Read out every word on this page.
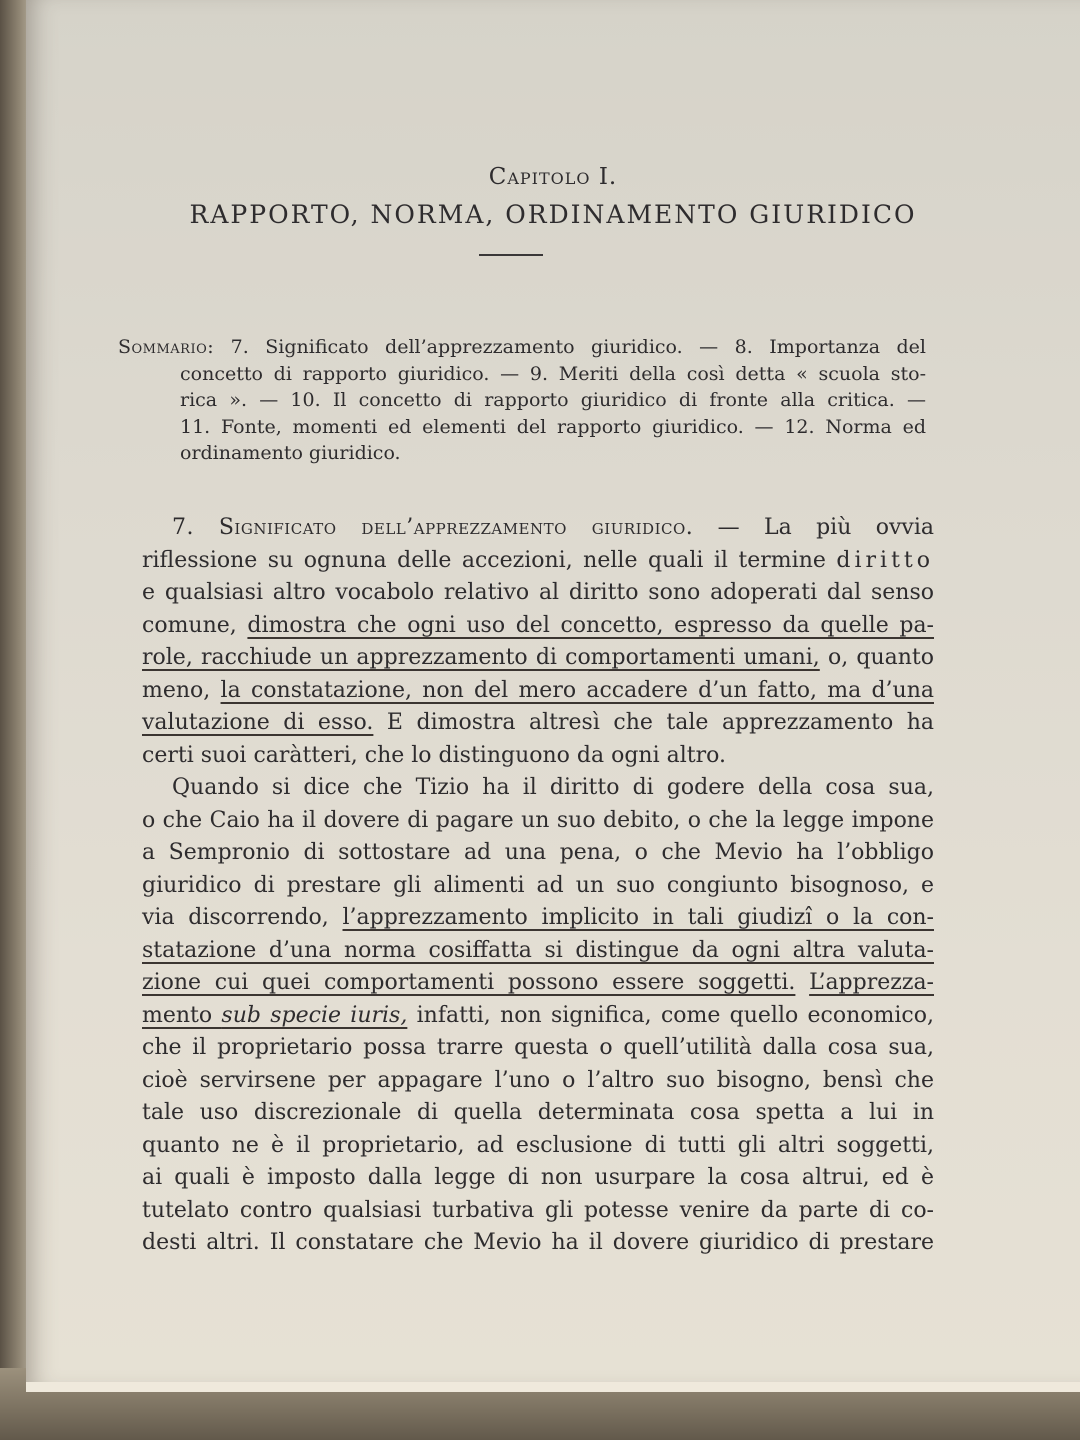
Capitolo I.
RAPPORTO, NORMA, ORDINAMENTO GIURIDICO
Sommario: 7. Significato dell’apprezzamento giuridico. — 8. Importanza del
concetto di rapporto giuridico. — 9. Meriti della così detta « scuola sto-
rica ». — 10. Il concetto di rapporto giuridico di fronte alla critica. —
11. Fonte, momenti ed elementi del rapporto giuridico. — 12. Norma ed
ordinamento giuridico.
7. Significato dell’apprezzamento giuridico. — La più ovvia
riflessione su ognuna delle accezioni, nelle quali il termine diritto
e qualsiasi altro vocabolo relativo al diritto sono adoperati dal senso
comune, dimostra che ogni uso del concetto, espresso da quelle pa-
role, racchiude un apprezzamento di comportamenti umani, o, quanto
meno, la constatazione, non del mero accadere d’un fatto, ma d’una
valutazione di esso. E dimostra altresì che tale apprezzamento ha
certi suoi caràtteri, che lo distinguono da ogni altro.
Quando si dice che Tizio ha il diritto di godere della cosa sua,
o che Caio ha il dovere di pagare un suo debito, o che la legge impone
a Sempronio di sottostare ad una pena, o che Mevio ha l’obbligo
giuridico di prestare gli alimenti ad un suo congiunto bisognoso, e
via discorrendo, l’apprezzamento implicito in tali giudizî o la con-
statazione d’una norma cosiffatta si distingue da ogni altra valuta-
zione cui quei comportamenti possono essere soggetti. L’apprezza-
mento sub specie iuris, infatti, non significa, come quello economico,
che il proprietario possa trarre questa o quell’utilità dalla cosa sua,
cioè servirsene per appagare l’uno o l’altro suo bisogno, bensì che
tale uso discrezionale di quella determinata cosa spetta a lui in
quanto ne è il proprietario, ad esclusione di tutti gli altri soggetti,
ai quali è imposto dalla legge di non usurpare la cosa altrui, ed è
tutelato contro qualsiasi turbativa gli potesse venire da parte di co-
desti altri. Il constatare che Mevio ha il dovere giuridico di prestare
